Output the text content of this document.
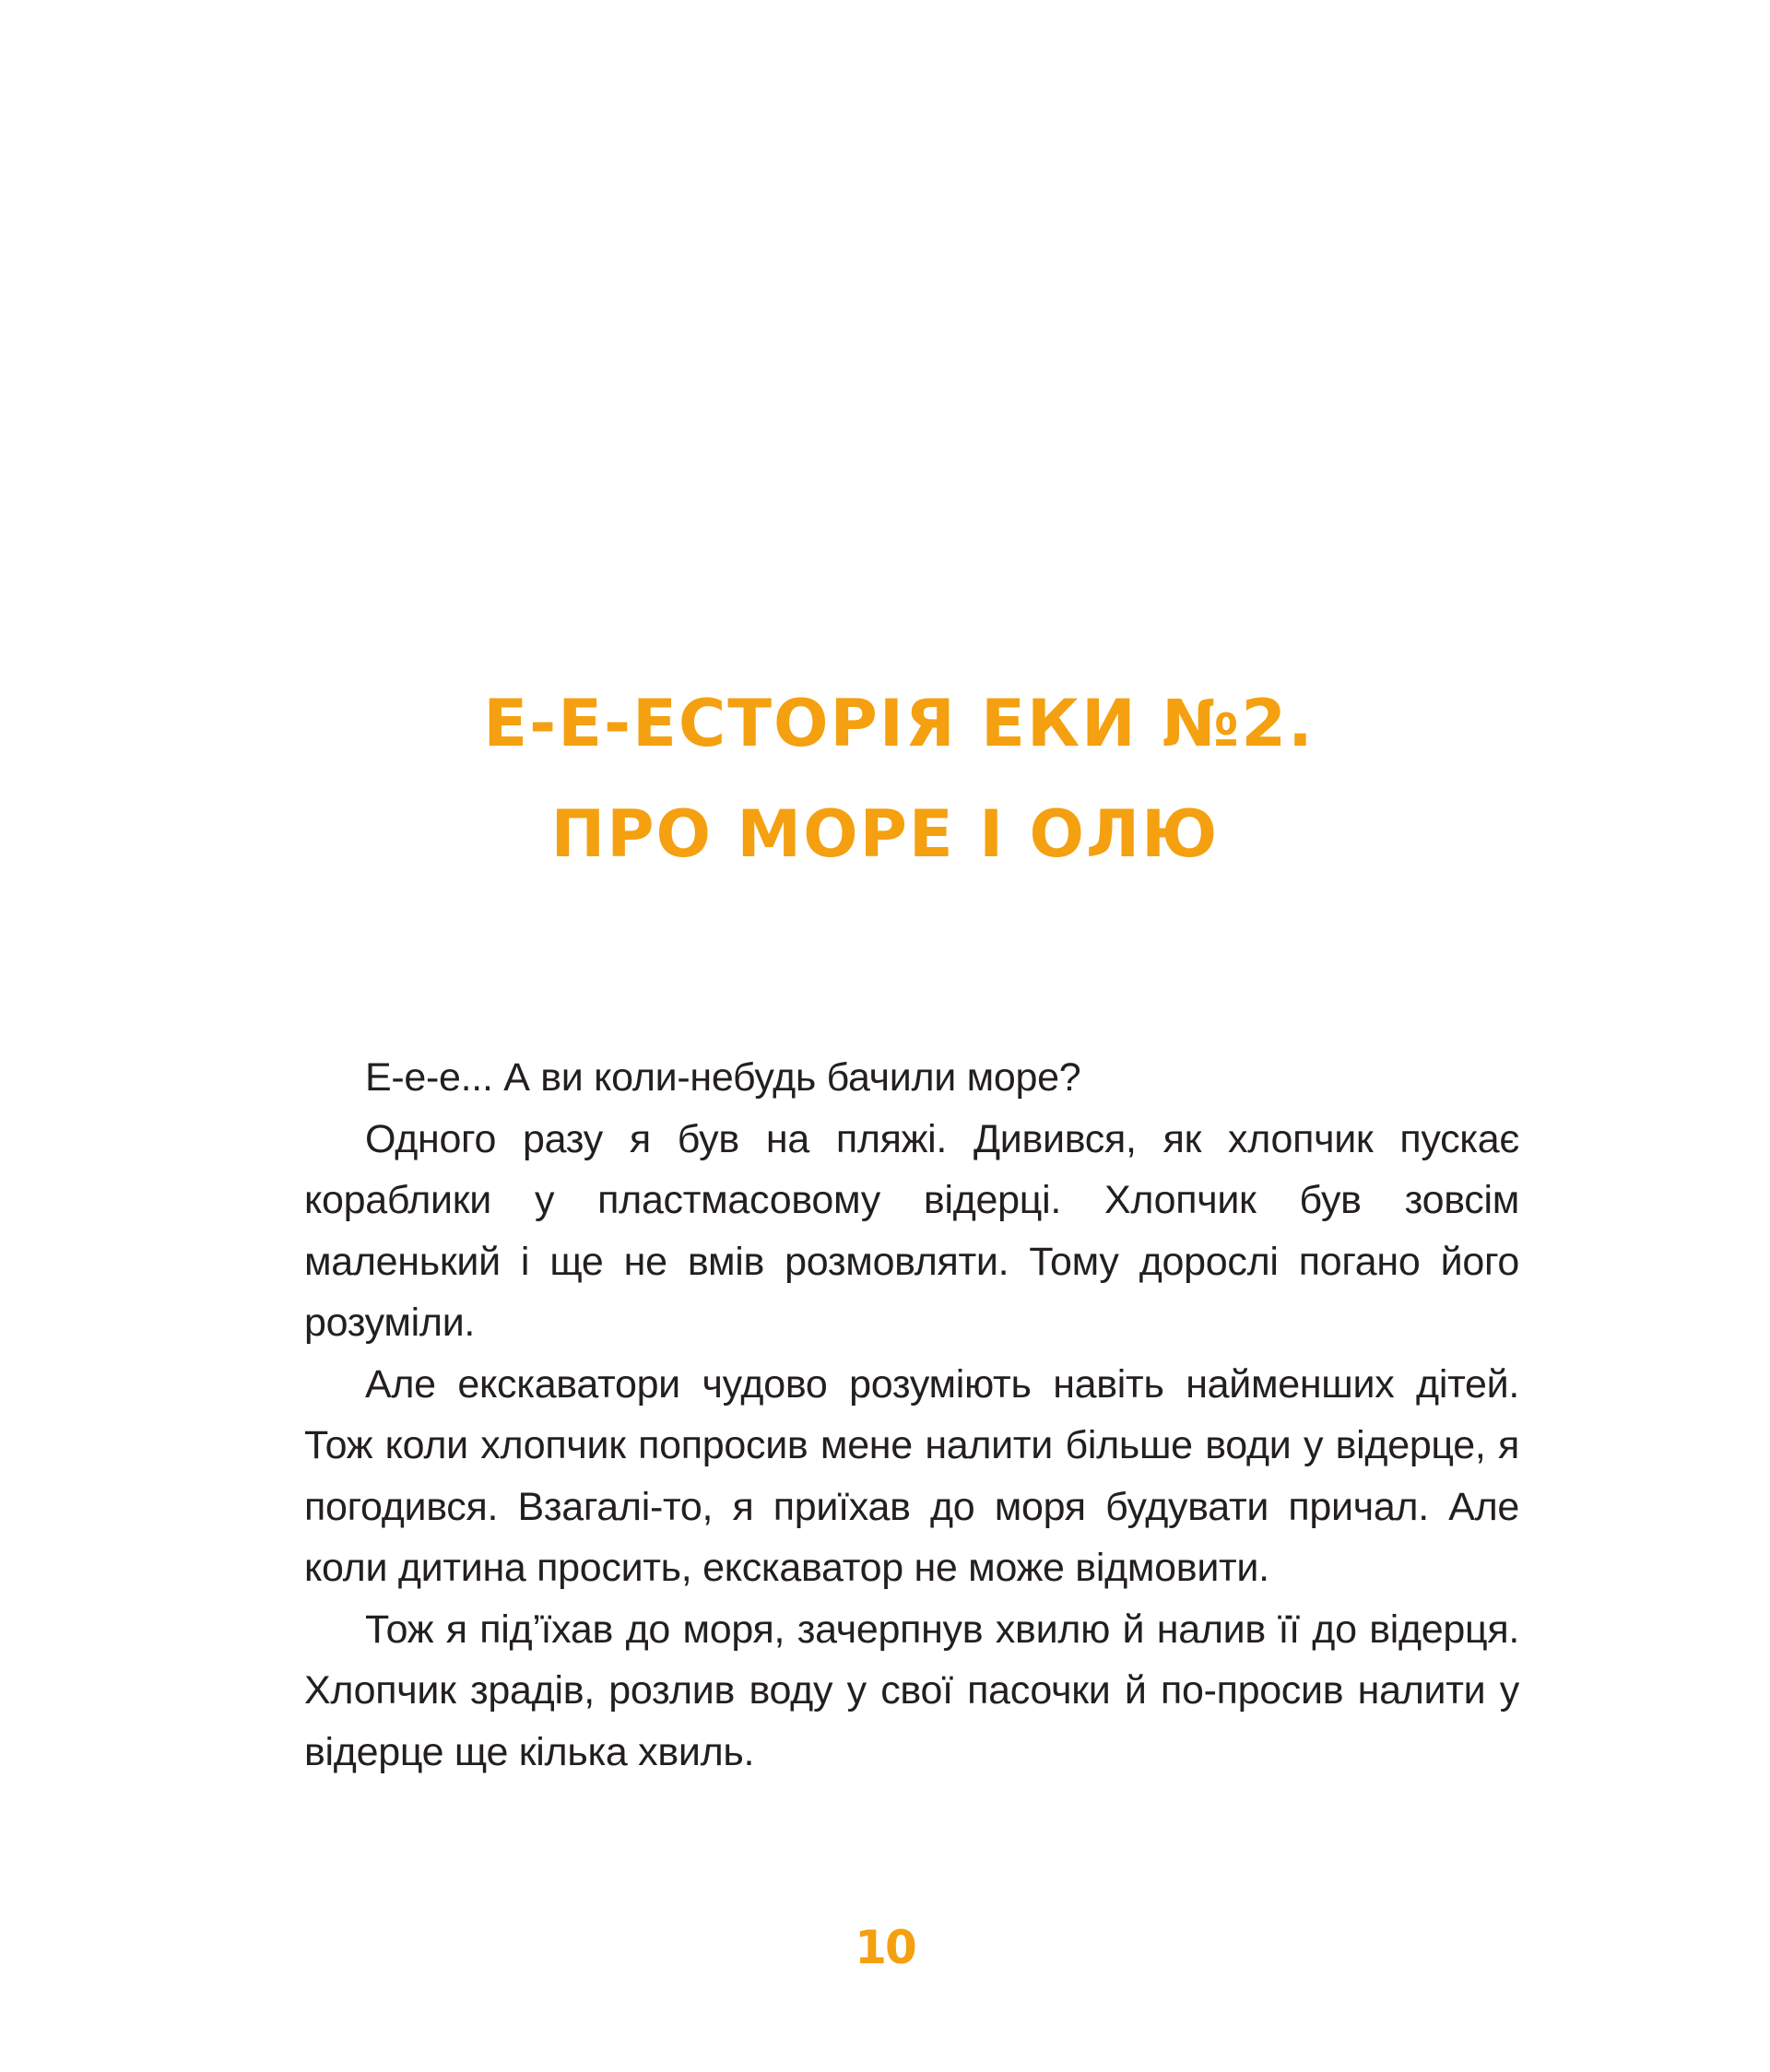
Е-Е-ЕСТОРІЯ ЕКИ №2.
ПРО МОРЕ І ОЛЮ

Е-е-е... А ви коли-небудь бачили море?

Одного разу я був на пляжі. Дивився, як хлопчик пускає кораблики у пластмасовому відерці. Хлопчик був зовсім маленький і ще не вмів розмовляти. Тому дорослі погано його розуміли.

Але екскаватори чудово розуміють навіть найменших дітей. Тож коли хлопчик попросив мене налити більше води у відерце, я погодився. Взагалі-то, я приїхав до моря будувати причал. Але коли дитина просить, екскаватор не може відмовити.

Тож я під’їхав до моря, зачерпнув хвилю й налив її до відерця. Хлопчик зрадів, розлив воду у свої пасочки й по-просив налити у відерце ще кілька хвиль.

10
